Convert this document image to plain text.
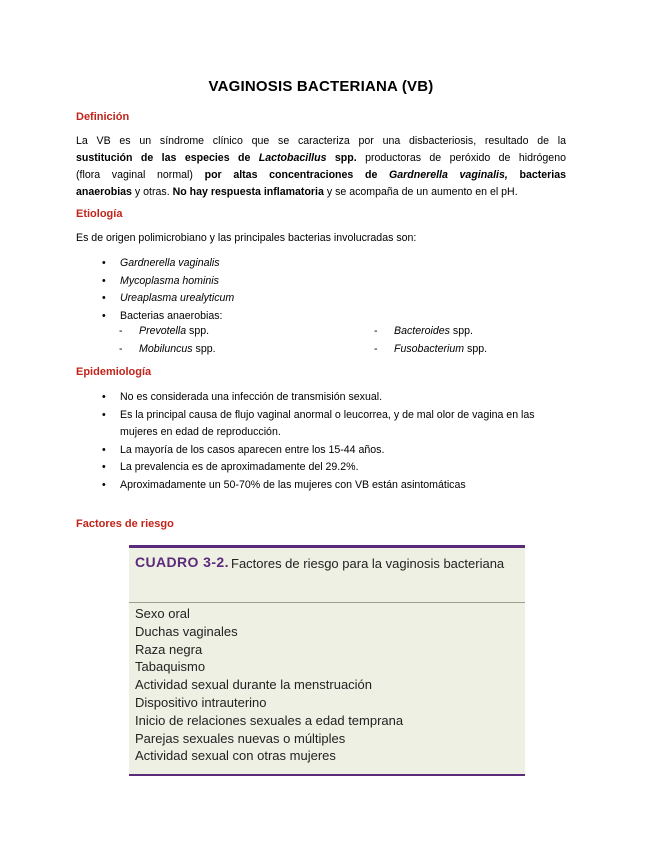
VAGINOSIS BACTERIANA (VB)
Definición
La VB es un síndrome clínico que se caracteriza por una disbacteriosis, resultado de la
sustitución de las especies de Lactobacillus spp. productoras de peróxido de hidrógeno
(flora vaginal normal) por altas concentraciones de Gardnerella vaginalis, bacterias
anaerobias y otras. No hay respuesta inflamatoria y se acompaña de un aumento en el pH.
Etiología
Es de origen polimicrobiano y las principales bacterias involucradas son:
• Gardnerella vaginalis
• Mycoplasma hominis
• Ureaplasma urealyticum
• Bacterias anaerobias:
- Prevotella spp.
- Mobiluncus spp.
- Bacteroides spp.
- Fusobacterium spp.
Epidemiología
• No es considerada una infección de transmisión sexual.
• Es la principal causa de flujo vaginal anormal o leucorrea, y de mal olor de vagina en las mujeres en edad de reproducción.
• La mayoría de los casos aparecen entre los 15-44 años.
• La prevalencia es de aproximadamente del 29.2%.
• Aproximadamente un 50-70% de las mujeres con VB están asintomáticas
Factores de riesgo
CUADRO 3-2. Factores de riesgo para la vaginosis bacteriana
Sexo oral
Duchas vaginales
Raza negra
Tabaquismo
Actividad sexual durante la menstruación
Dispositivo intrauterino
Inicio de relaciones sexuales a edad temprana
Parejas sexuales nuevas o múltiples
Actividad sexual con otras mujeres
